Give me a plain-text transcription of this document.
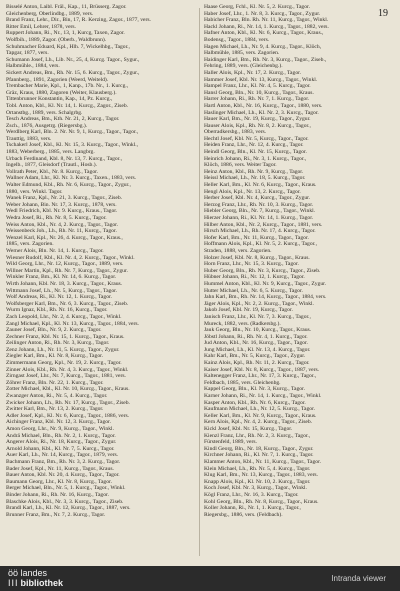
19
Bisselé Anton, Laibl. Fräl., Kap., 11, Brüsserg. Zagor.
Gleichenberg, Oberlindbg., 1889, vers.
Brand Franz, Lehr., Dir., Bin, 17, R. Kerzing, Zagor., 1877, vers.
Ritter Emil, Lehrer, 1878, vers.
Ruppert Johann, Ri., Nr., 13, 1, Kurcg, Taxen, Zagor.
Wolfbih., 1889, Zagor. (Oberb., Waldbrunn).
Schuhmacher Eduard, Kpl., Hlh. 7, Wickelhbg., Tagor.,
Tapgar, 1877, vers.
Schumann Josef, Lh., Lib. Nr., 25, 4, Kurcg. Tagor., Sygur.,
Halbmühle., 1884, vers.
Sickert Andreas, Bm., Rh. Nr. 15, 6. Kurcg., Tagor., Zygur.,
Pfannberg., 1891, Zagorien (Weerd, Weiteld).
Trembacher Marie, Kpl., 1, Kanp., 17b. Nr., 1. Kurcg.,
Gräz, Kraus, 1880, Zagoren (Weiter, Klausberg.).
Tittenbrunner Konstantin, Kap., 14, Pz. Kurcg.,
Tobl. Anton, Kbl., Kl. Nr. 14, 1. Kurcg., Zagor., Ziseb.
Ortanstbg., 1889, vers. Schalgrbg.
Tesch Andreas, Bm., Kth. Nr. 21, 2, Kurcg., Tagor.
Zsch., 1876, Ausgetrg. (Riegersbg.).
Werdlberg Karl, Bln. 2. Nr. Nr. 9, 1, Kurcg., Tagor., Tagor.,
Trauttig, 1883, vers.
Tschakerl Josef, Kbl., Kl. Nr. 15, 3. Kurcg., Tagor., Winkl.,
1883, Weberberg., 1885, vers. Langbrg.
Urbach Ferdinand, Kbl. 8, Nr. 13, 7. Kurcg., Tagor.,
Ingelb., 1877, Gleisdorf (Trautl., Hosb.).
Vollrath Peter, Kbl., Nr. 8. Kurcg., Tagor.
Wallner Adam, Lhr., Kl. Nr. 3. Kurcg., Taxen., 1883, vers.
Walter Edmund, Kbl., Rh. Nr. 6, Kurcg., Tagor., Zygur.,
1880, vers. Winkl. Tagor.
Wanek Franz, Kpl., Nr. 21, 3. Kurcg., Tagor., Ziseb.
Weber Johann, Bin. Nr. 17, 3. Kurcg., 1878, vers.
Wedl Friedrich, Kbl. Nr. 9. Kurcg., Kraus., Tagor.
Wedra Josef, Ri., Rh. Nr. 8, 5. Kurcg., Tagor.
Weiss Anton, Kbl., Nr. 4, 2. Kurcg., Tagor., Tagor.
Weissenbeck Joh., Lh., Rh. Nr. 11, Kurcg., Tagor.
Wenzel Karl, Kpl., Nr. 26, 4. Kurcg., Tagor., Kraus.,
1885, vers. Zagorien.
Werner Alois, Bln. Nr. 14, 1. Kurcg., Tagor.
Wiesner Rudolf, Kbl., Kl. Nr. 4, 2. Kurcg., Tagor., Winkl.
Wild Georg, Lhr., Nr. 12, Kurcg., Tagor., 1889, vers.
Willner Martin, Kpl., Rh. Nr. 7, Kurcg., Tagor., Zygur.
Winkler Franz, Bm., Kl. Nr. 14, 6. Kurcg., Tagor.
Wirth Johann, Kbl. Nr. 18, 3. Kurcg., Tagor., Kraus.
Wittmann Josef, Lh., Nr. 5, Kurcg., Tagor., Tagor.
Wolf Andreas, Ri., Kl. Nr. 12, 1. Kurcg., Tagor.
Wolfsberger Karl, Bm., Nr. 6, 3. Kurcg., Tagor., Ziseb.
Wurm Ignaz, Kbl., Rh. Nr. 16, Kurcg., Tagor.
Zach Leopold, Lhr., Nr. 2, 4. Kurcg., Tagor., Winkl.
Zangl Michael, Kpl., Kl. Nr. 13, Kurcg., Tagor., 1884, vers.
Zauner Josef, Bln., Nr. 9, 2. Kurcg., Tagor.
Zechner Franz, Kbl. Nr. 15, 1. Kurcg., Tagor., Kraus.
Zeilinger Anton, Ri., Rh. Nr. 3, Kurcg., Tagor.
Zenz Johann, Lh., Nr. 11, 5. Kurcg., Tagor., Zygur.
Ziegler Karl, Bm., Kl. Nr. 8, Kurcg., Tagor.
Zimmermann Georg, Kpl., Nr. 19, 2. Kurcg., Tagor.
Zinner Alois, Kbl., Rh. Nr. 4, 3. Kurcg., Tagor., Winkl.
Zirngast Josef, Lhr., Nr. 7, Kurcg., Tagor., 1881, vers.
Zöhrer Franz, Bln. Nr. 22, 1. Kurcg., Tagor.
Zotter Michael, Kbl., Kl. Nr. 10, Kurcg., Tagor., Kraus.
Zwanzger Anton, Ri., Nr. 5, 4. Kurcg., Tagor.
Zwicker Johann, Lh., Rh. Nr. 17, Kurcg., Tagor., Ziseb.
Zwitter Karl, Bm., Nr. 13, 2. Kurcg., Tagor.
Adler Josef, Kpl., Kl. Nr. 6, Kurcg., Tagor., 1886, vers.
Aichinger Franz, Kbl. Nr. 12, 3. Kurcg., Tagor.
Amon Georg, Lhr., Nr. 9, Kurcg., Tagor., Winkl.
Andrä Michael, Bln., Rh. Nr. 2, 1. Kurcg., Tagor.
Angerer Alois, Ri., Nr. 18, Kurcg., Tagor., Zygur.
Arnold Johann, Kbl., Kl. Nr. 7, 5. Kurcg., Tagor.
Auer Karl, Lh., Nr. 14, Kurcg., Tagor., 1879, vers.
Bachmann Franz, Bm., Rh. Nr. 3, 2. Kurcg., Tagor.
Bader Josef, Kpl., Nr. 11, Kurcg., Tagor., Kraus.
Bauer Anton, Kbl. Nr. 20, 4. Kurcg., Tagor., Tagor.
Baumann Georg, Lhr., Kl. Nr. 8, Kurcg., Tagor.
Berger Michael, Bln., Nr. 5, 1. Kurcg., Tagor., Winkl.
Binder Johann, Ri., Rh. Nr. 16, Kurcg., Tagor.
Blaschke Alois, Kbl., Nr. 3, 3. Kurcg., Tagor., Ziseb.
Brandl Karl, Lh., Kl. Nr. 12, Kurcg., Tagor., 1887, vers.
Brunner Franz, Bm., Nr. 7, 2. Kurcg., Tagor.
Haase Georg, Fchl., Kl. Nr. 5, 2. Kurcg., Tagor.
Haber Josef, Lhr., 1. Nr. 8, 3. Kurcg., Tagor., Zygur.
Habicher Franz, Bln. Rh. Nr. 11, Kurcg., Tagor., Winkl.
Hackl Johann, Ri., Nr. 14, 1. Kurcg., Tagor., 1882, vers.
Hafner Anton, Kbl., Kl. Nr. 6, Kurcg., Tagor., Kraus.,
Bodensg., Tagor., 1884, vers.
Hagen Michael, Lh., Nr. 9, 4. Kurcg., Tagor., Klöch,
Halbmühle, 1885, vers. Zagorien.
Haidinger Karl, Bm., Rh. Nr. 3, Kurcg., Tagor., Ziseb.,
Fehring, 1889, vers. (Gleichenbg.).
Haller Alois, Kpl., Nr. 17, 2. Kurcg., Tagor.
Hammer Josef, Kbl. Nr. 13, Kurcg., Tagor., Winkl.
Hampel Franz, Lhr., Kl. Nr. 4, 5. Kurcg., Tagor.
Hansl Georg, Bln., Nr. 10, Kurcg., Tagor., Kraus.
Harrer Johann, Ri., Rh. Nr. 7, 1. Kurcg., Tagor.
Hartl Anton, Kbl., Nr. 16, Kurcg., Tagor., 1880, vers.
Haslinger Michael, Lh., Kl. Nr. 2, 3. Kurcg., Tagor.
Hauer Karl, Bm., Nr. 19, Kurcg., Tagor., Zygur.
Hauser Alois, Kpl., Rh. Nr. 8, 2. Kurcg., Tagor.,
Oberradkersbg., 1883, vers.
Hechtl Josef, Kbl. Nr. 5, Kurcg., Tagor., Tagor.
Heiden Franz, Lhr., Nr. 12, 4. Kurcg., Tagor.
Heindl Georg, Bln., Kl. Nr. 15, Kurcg., Tagor.
Heinrich Johann, Ri., Nr. 3, 1. Kurcg., Tagor.,
Klöch, 1886, vers. Weiter Tagor.
Heinz Anton, Kbl., Rh. Nr. 9, Kurcg., Tagor.
Heissl Michael, Lh., Nr. 18, 5. Kurcg., Tagor.
Heller Karl, Bm., Kl. Nr. 6, Kurcg., Tagor., Kraus.
Hengl Alois, Kpl., Nr. 13, 2. Kurcg., Tagor.
Herber Josef, Kbl. Nr. 4, Kurcg., Tagor., Zygur.
Herzog Franz, Lhr., Rh. Nr. 10, 3. Kurcg., Tagor.
Hiebler Georg, Bln., Nr. 7, Kurcg., Tagor., Winkl.
Hierzer Johann, Ri., Kl. Nr. 14, 1. Kurcg., Tagor.
Hilber Anton, Kbl., Nr. 2, Kurcg., Tagor., 1881, vers.
Hirsch Michael, Lh., Rh. Nr. 17, 4. Kurcg., Tagor.
Hofer Karl, Bm., Nr. 11, Kurcg., Tagor., Tagor.
Hoffmann Alois, Kpl., Kl. Nr. 5, 2. Kurcg., Tagor.,
Straden, 1888, vers. Zagorien.
Holzer Josef, Kbl. Nr. 8, Kurcg., Tagor., Kraus.
Horn Franz, Lhr., Nr. 15, 3. Kurcg., Tagor.
Huber Georg, Bln., Rh. Nr. 3, Kurcg., Tagor., Ziseb.
Hübner Johann, Ri., Nr. 12, 1. Kurcg., Tagor.
Hummel Anton, Kbl., Kl. Nr. 9, Kurcg., Tagor., Zygur.
Hutter Michael, Lh., Nr. 6, 5. Kurcg., Tagor.
Jahn Karl, Bm., Rh. Nr. 14, Kurcg., Tagor., 1884, vers.
Jäger Alois, Kpl., Nr. 2, 2. Kurcg., Tagor., Winkl.
Jakob Josef, Kbl. Nr. 19, Kurcg., Tagor.
Janisch Franz, Lhr., Kl. Nr. 7, 3. Kurcg., Tagor.,
Mureck, 1882, vers. (Radkersbg.).
Jauk Georg, Bln., Nr. 10, Kurcg., Tagor., Kraus.
Jöbstl Johann, Ri., Rh. Nr. 4, 1. Kurcg., Tagor.
Jud Anton, Kbl., Nr. 16, Kurcg., Tagor., Tagor.
Jung Michael, Lh., Kl. Nr. 13, 4. Kurcg., Tagor.
Kahr Karl, Bm., Nr. 5, Kurcg., Tagor., Zygur.
Kainz Alois, Kpl., Rh. Nr. 11, 2. Kurcg., Tagor.
Kaiser Josef, Kbl. Nr. 8, Kurcg., Tagor., 1887, vers.
Kaltenegger Franz, Lhr., Nr. 17, 3. Kurcg., Tagor.,
Feldbach, 1885, vers. Gleichenbg.
Kappel Georg, Bln., Kl. Nr. 3, Kurcg., Tagor.
Karner Johann, Ri., Nr. 14, 1. Kurcg., Tagor., Winkl.
Kasper Anton, Kbl., Rh. Nr. 6, Kurcg., Tagor.
Kaufmann Michael, Lh., Nr. 12, 5. Kurcg., Tagor.
Keller Karl, Bm., Kl. Nr. 9, Kurcg., Tagor., Kraus.
Kern Alois, Kpl., Nr. 4, 2. Kurcg., Tagor., Ziseb.
Kickl Josef, Kbl. Nr. 15, Kurcg., Tagor.
Kienzl Franz, Lhr., Rh. Nr. 2, 3. Kurcg., Tagor.,
Fürstenfeld, 1889, vers.
Kindl Georg, Bln., Nr. 18, Kurcg., Tagor., Zygur.
Kirchner Johann, Ri., Kl. Nr. 7, 1. Kurcg., Tagor.
Klammer Anton, Kbl., Nr. 11, Kurcg., Tagor., Tagor.
Klein Michael, Lh., Rh. Nr. 5, 4. Kurcg., Tagor.
Klug Karl, Bm., Nr. 13, Kurcg., Tagor., 1883, vers.
Knapp Alois, Kpl., Kl. Nr. 10, 2. Kurcg., Tagor.
Koch Josef, Kbl. Nr. 3, Kurcg., Tagor., Winkl.
Kögl Franz, Lhr., Nr. 16, 3. Kurcg., Tagor.
Kohl Georg, Bln., Rh. Nr. 8, Kurcg., Tagor., Kraus.
Koller Johann, Ri., Nr. 1, 1. Kurcg., Tagor.,
Riegersbg., 1886, vers. (Feldbach).
öö landes
III bibliothek	Intranda viewer
